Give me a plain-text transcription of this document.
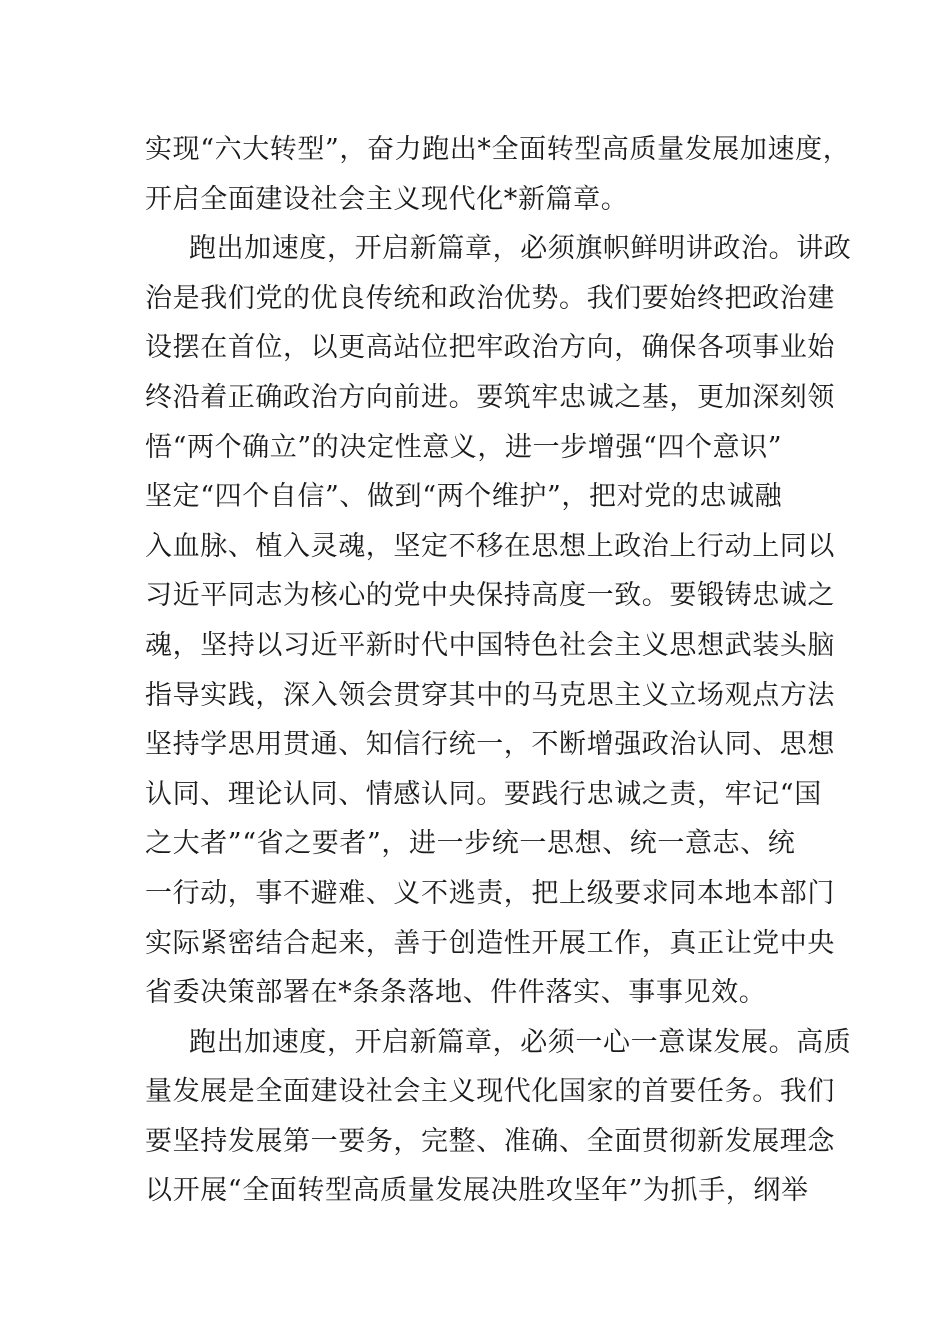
实现“六大转型”，奋力跑出*全面转型高质量发展加速度，
开启全面建设社会主义现代化*新篇章。
跑出加速度，开启新篇章，必须旗帜鲜明讲政治。讲政
治是我们党的优良传统和政治优势。我们要始终把政治建
设摆在首位，以更高站位把牢政治方向，确保各项事业始
终沿着正确政治方向前进。要筑牢忠诚之基，更加深刻领
悟“两个确立”的决定性意义，进一步增强“四个意识”
坚定“四个自信”、做到“两个维护”，把对党的忠诚融
入血脉、植入灵魂，坚定不移在思想上政治上行动上同以
习近平同志为核心的党中央保持高度一致。要锻铸忠诚之
魂，坚持以习近平新时代中国特色社会主义思想武装头脑
指导实践，深入领会贯穿其中的马克思主义立场观点方法
坚持学思用贯通、知信行统一，不断增强政治认同、思想
认同、理论认同、情感认同。要践行忠诚之责，牢记“国
之大者”“省之要者”，进一步统一思想、统一意志、统
一行动，事不避难、义不逃责，把上级要求同本地本部门
实际紧密结合起来，善于创造性开展工作，真正让党中央
省委决策部署在*条条落地、件件落实、事事见效。
跑出加速度，开启新篇章，必须一心一意谋发展。高质
量发展是全面建设社会主义现代化国家的首要任务。我们
要坚持发展第一要务，完整、准确、全面贯彻新发展理念
以开展“全面转型高质量发展决胜攻坚年”为抓手，纲举
